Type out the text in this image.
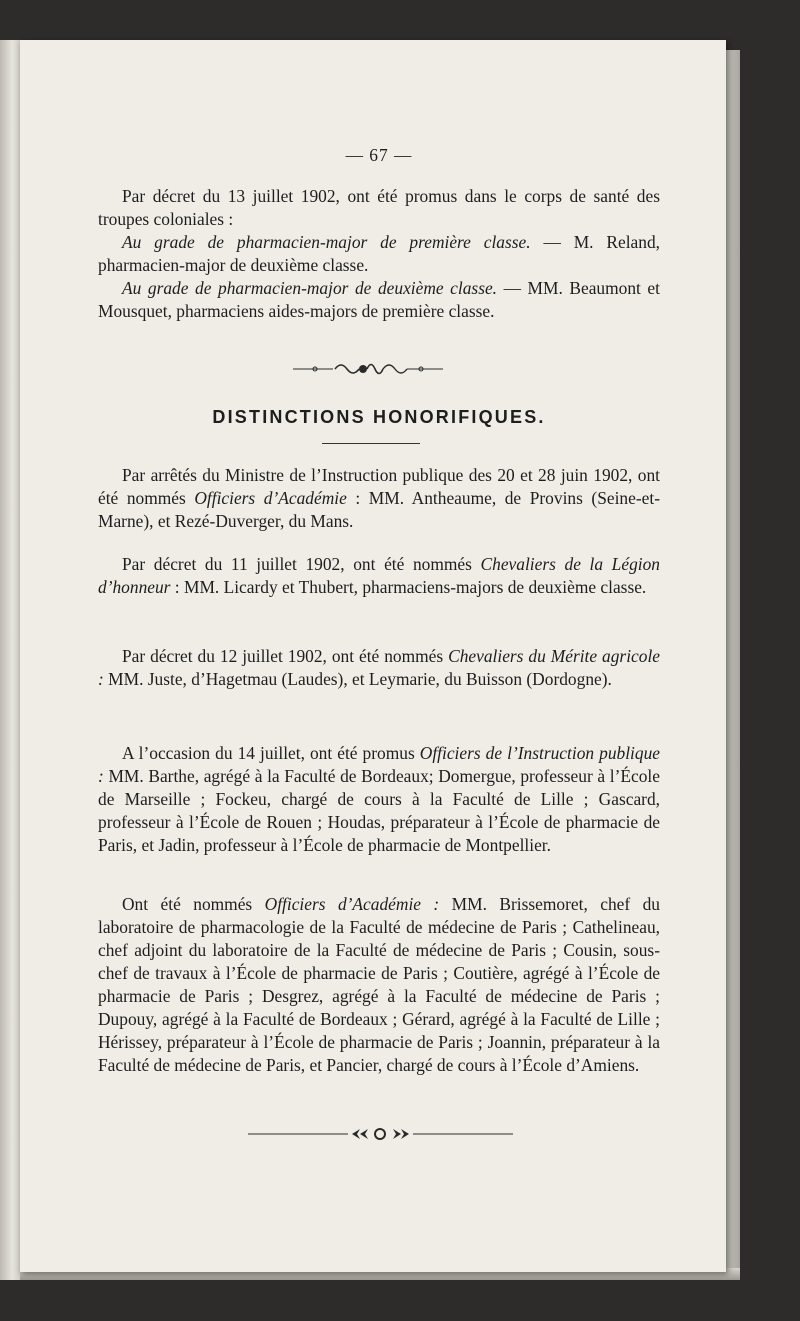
— 67 —

Par décret du 13 juillet 1902, ont été promus dans le corps de santé des troupes coloniales :

Au grade de pharmacien-major de première classe. — M. Reland, pharmacien-major de deuxième classe.

Au grade de pharmacien-major de deuxième classe. — MM. Beaumont et Mousquet, pharmaciens aides-majors de première classe.

DISTINCTIONS HONORIFIQUES.

Par arrêtés du Ministre de l’Instruction publique des 20 et 28 juin 1902, ont été nommés Officiers d’Académie : MM. Antheaume, de Provins (Seine-et-Marne), et Rezé-Duverger, du Mans.

Par décret du 11 juillet 1902, ont été nommés Chevaliers de la Légion d’honneur : MM. Licardy et Thubert, pharmaciens-majors de deuxième classe.

Par décret du 12 juillet 1902, ont été nommés Chevaliers du Mérite agricole : MM. Juste, d’Hagetmau (Laudes), et Leymarie, du Buisson (Dordogne).

A l’occasion du 14 juillet, ont été promus Officiers de l’Instruction publique : MM. Barthe, agrégé à la Faculté de Bordeaux; Domergue, professeur à l’École de Marseille ; Fockeu, chargé de cours à la Faculté de Lille ; Gascard, professeur à l’École de Rouen ; Houdas, préparateur à l’École de pharmacie de Paris, et Jadin, professeur à l’École de pharmacie de Montpellier.

Ont été nommés Officiers d’Académie : MM. Brissemoret, chef du laboratoire de pharmacologie de la Faculté de médecine de Paris ; Cathelineau, chef adjoint du laboratoire de la Faculté de médecine de Paris ; Cousin, sous-chef de travaux à l’École de pharmacie de Paris ; Coutière, agrégé à l’École de pharmacie de Paris ; Desgrez, agrégé à la Faculté de médecine de Paris ; Dupouy, agrégé à la Faculté de Bordeaux ; Gérard, agrégé à la Faculté de Lille ; Hérissey, préparateur à l’École de pharmacie de Paris ; Joannin, préparateur à la Faculté de médecine de Paris, et Pancier, chargé de cours à l’École d’Amiens.
